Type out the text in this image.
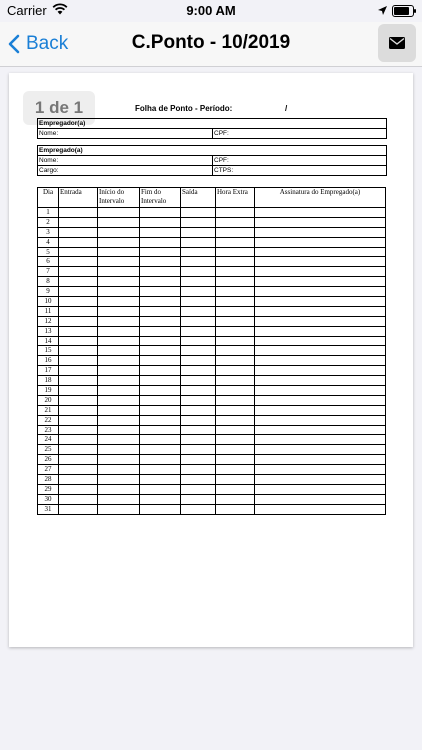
Carrier	9:00 AM
Back	C.Ponto - 10/2019
1 de 1	Folha de Ponto - Período:	/
Empregador(a)
Nome:	CPF:
Empregado(a)
Nome:	CPF:
Cargo:	CTPS:
Dia	Entrada	Início do Intervalo	Fim do Intervalo	Saída	Hora Extra	Assinatura do Empregado(a)
1						
2						
3						
4						
5						
6						
7						
8						
9						
10						
11						
12						
13						
14						
15						
16						
17						
18						
19						
20						
21						
22						
23						
24						
25						
26						
27						
28						
29						
30						
31						
